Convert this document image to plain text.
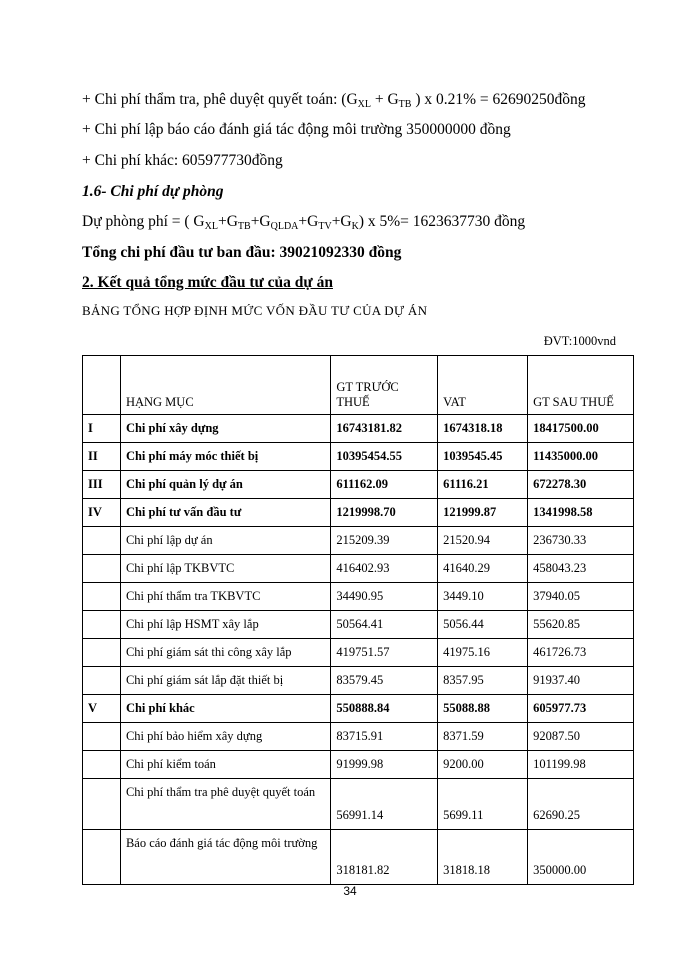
+ Chi phí thẩm tra, phê duyệt quyết toán: ($G_{XL} + G_{TB}$ ) x 0.21% = 62690250đồng
+ Chi phí lập báo cáo đánh giá tác động môi trường 350000000 đồng
+ Chi phí khác: 605977730đồng
1.6- Chi phí dự phòng
Dự phòng phí = ( $G_{XL}+G_{TB}+G_{QLDA}+G_{TV}+G_K$) x 5%= 1623637730 đồng
Tổng chi phí đầu tư ban đầu: 39021092330 đồng
2. Kết quả tổng mức đầu tư của dự án
BẢNG TỔNG HỢP ĐỊNH MỨC VỐN ĐẦU TƯ CỦA DỰ ÁN
ĐVT:1000vnd
	HẠNG MỤC	GT TRƯỚC THUẾ	VAT	GT SAU THUẾ
I	Chi phí xây dựng	16743181.82	1674318.18	18417500.00
II	Chi phí máy móc thiết bị	10395454.55	1039545.45	11435000.00
III	Chi phí quản lý dự án	611162.09	61116.21	672278.30
IV	Chi phí tư vấn đầu tư	1219998.70	121999.87	1341998.58
	Chi phí lập dự án	215209.39	21520.94	236730.33
	Chi phí lập TKBVTC	416402.93	41640.29	458043.23
	Chi phí thẩm tra TKBVTC	34490.95	3449.10	37940.05
	Chi phí lập HSMT xây lắp	50564.41	5056.44	55620.85
	Chi phí giám sát thi công xây lắp	419751.57	41975.16	461726.73
	Chi phí giám sát lắp đặt thiết bị	83579.45	8357.95	91937.40
V	Chi phí khác	550888.84	55088.88	605977.73
	Chi phí bảo hiểm xây dựng	83715.91	8371.59	92087.50
	Chi phí kiểm toán	91999.98	9200.00	101199.98
	Chi phí thẩm tra phê duyệt quyết toán	56991.14	5699.11	62690.25
	Báo cáo đánh giá tác động môi trường	318181.82	31818.18	350000.00
34
